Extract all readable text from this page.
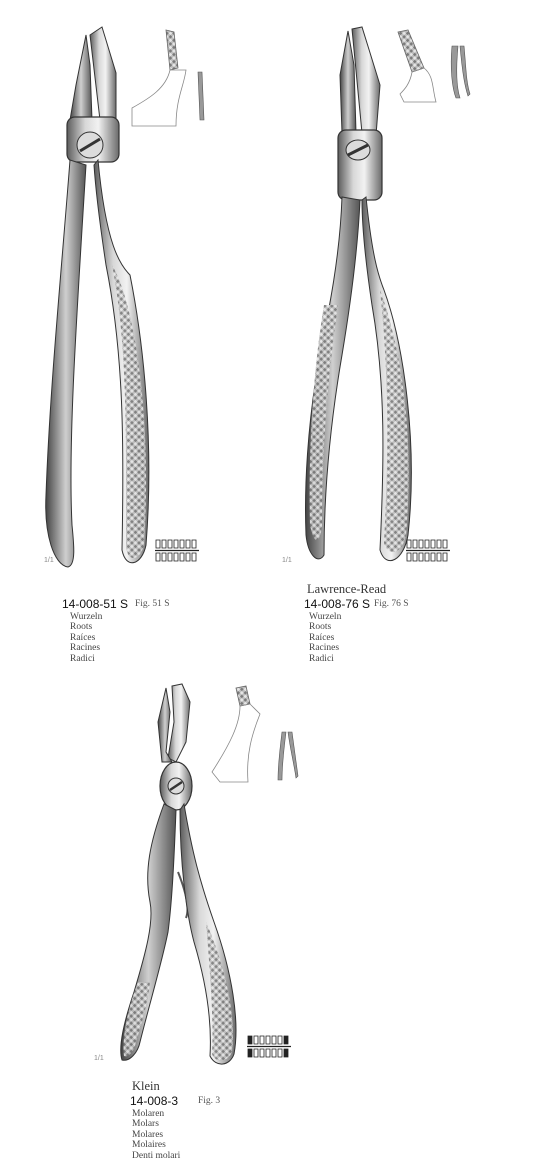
1/1
14-008-51 S Fig. 51 S
Wurzeln
Roots
Raíces
Racines
Radici
1/1
Lawrence-Read
14-008-76 S Fig. 76 S
Wurzeln
Roots
Raíces
Racines
Radici
1/1
Klein
14-008-3 Fig. 3
Molaren
Molars
Molares
Molaires
Denti molari
